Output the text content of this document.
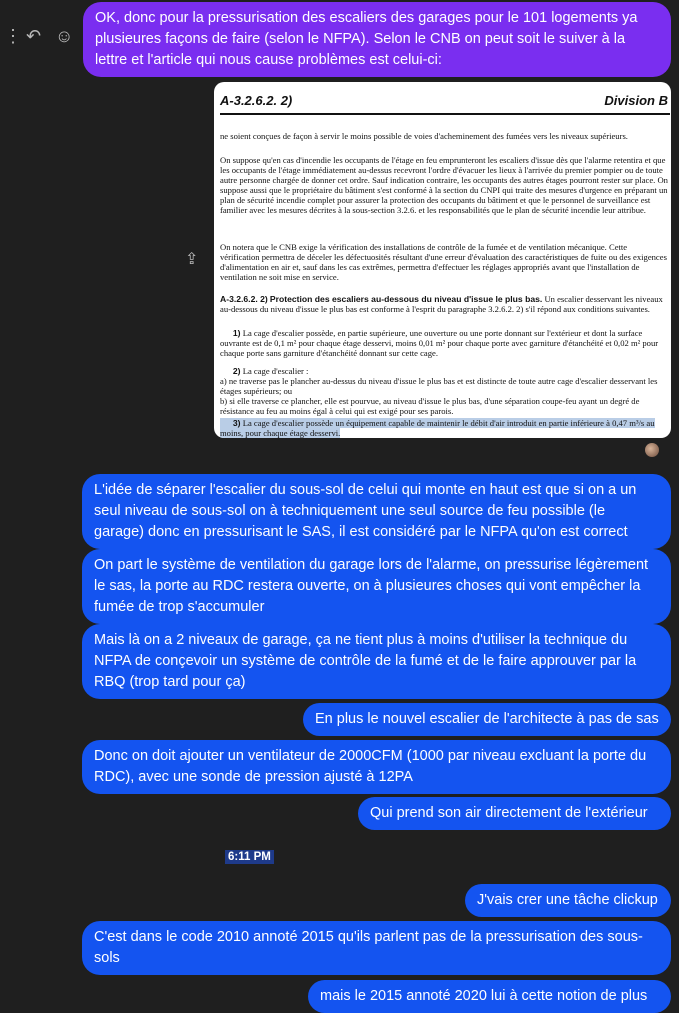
⋮ ↶ ☺
OK, donc pour la pressurisation des escaliers des garages pour le 101 logements ya plusieures façons de faire (selon le NFPA). Selon le CNB on peut soit le suiver à la lettre et l'article qui nous cause problèmes est celui-ci:
⇪
A-3.2.6.2. 2)	Division B
ne soient conçues de façon à servir le moins possible de voies d'acheminement des fumées vers les niveaux supérieurs.
On suppose qu'en cas d'incendie les occupants de l'étage en feu emprunteront les escaliers d'issue dès que l'alarme retentira et que les occupants de l'étage immédiatement au-dessus recevront l'ordre d'évacuer les lieux à l'arrivée du premier pompier ou de toute autre personne chargée de donner cet ordre. Sauf indication contraire, les occupants des autres étages pourront rester sur place. On suppose aussi que le propriétaire du bâtiment s'est conformé à la section du CNPI qui traite des mesures d'urgence en préparant un plan de sécurité incendie complet pour assurer la protection des occupants du bâtiment et que le personnel de surveillance est familier avec les mesures décrites à la sous-section 3.2.6. et les responsabilités que le plan de sécurité incendie leur attribue.
On notera que le CNB exige la vérification des installations de contrôle de la fumée et de ventilation mécanique. Cette vérification permettra de déceler les défectuosités résultant d'une erreur d'évaluation des caractéristiques de fuite ou des exigences d'alimentation en air et, sauf dans les cas extrêmes, permettra d'effectuer les réglages appropriés avant que l'installation de ventilation ne soit mise en service.
A-3.2.6.2. 2) Protection des escaliers au-dessous du niveau d'issue le plus bas. Un escalier desservant les niveaux au-dessous du niveau d'issue le plus bas est conforme à l'esprit du paragraphe 3.2.6.2. 2) s'il répond aux conditions suivantes.
1) La cage d'escalier possède, en partie supérieure, une ouverture ou une porte donnant sur l'extérieur et dont la surface ouvrante est de 0,1 m² pour chaque étage desservi, moins 0,01 m² pour chaque porte avec garniture d'étanchéité et 0,02 m² pour chaque porte sans garniture d'étanchéité donnant sur cette cage.
2) La cage d'escalier :
a) ne traverse pas le plancher au-dessus du niveau d'issue le plus bas et est distincte de toute autre cage d'escalier desservant les étages supérieurs; ou
b) si elle traverse ce plancher, elle est pourvue, au niveau d'issue le plus bas, d'une séparation coupe-feu ayant un degré de résistance au feu au moins égal à celui qui est exigé pour ses parois.
3) La cage d'escalier possède un équipement capable de maintenir le débit d'air introduit en partie inférieure à 0,47 m³/s au moins, pour chaque étage desservi.
L'idée de séparer l'escalier du sous-sol de celui qui monte en haut est que si on a un seul niveau de sous-sol on à techniquement une seul source de feu possible (le garage) donc en pressurisant le SAS, il est considéré par le NFPA qu'on est correct
On part le système de ventilation du garage lors de l'alarme, on pressurise légèrement le sas, la porte au RDC restera ouverte, on à plusieures choses qui vont empêcher la fumée de trop s'accumuler
Mais là on a 2 niveaux de garage, ça ne tient plus à moins d'utiliser la technique du NFPA de conçevoir un système de contrôle de la fumé et de le faire approuver par la RBQ (trop tard pour ça)
En plus le nouvel escalier de l'architecte à pas de sas
Donc on doit ajouter un ventilateur de 2000CFM (1000 par niveau excluant la porte du RDC), avec une sonde de pression ajusté à 12PA
Qui prend son air directement de l'extérieur
6:11 PM
J'vais crer une tâche clickup
C'est dans le code 2010 annoté 2015 qu'ils parlent pas de la pressurisation des sous-sols
mais le 2015 annoté 2020 lui à cette notion de plus
